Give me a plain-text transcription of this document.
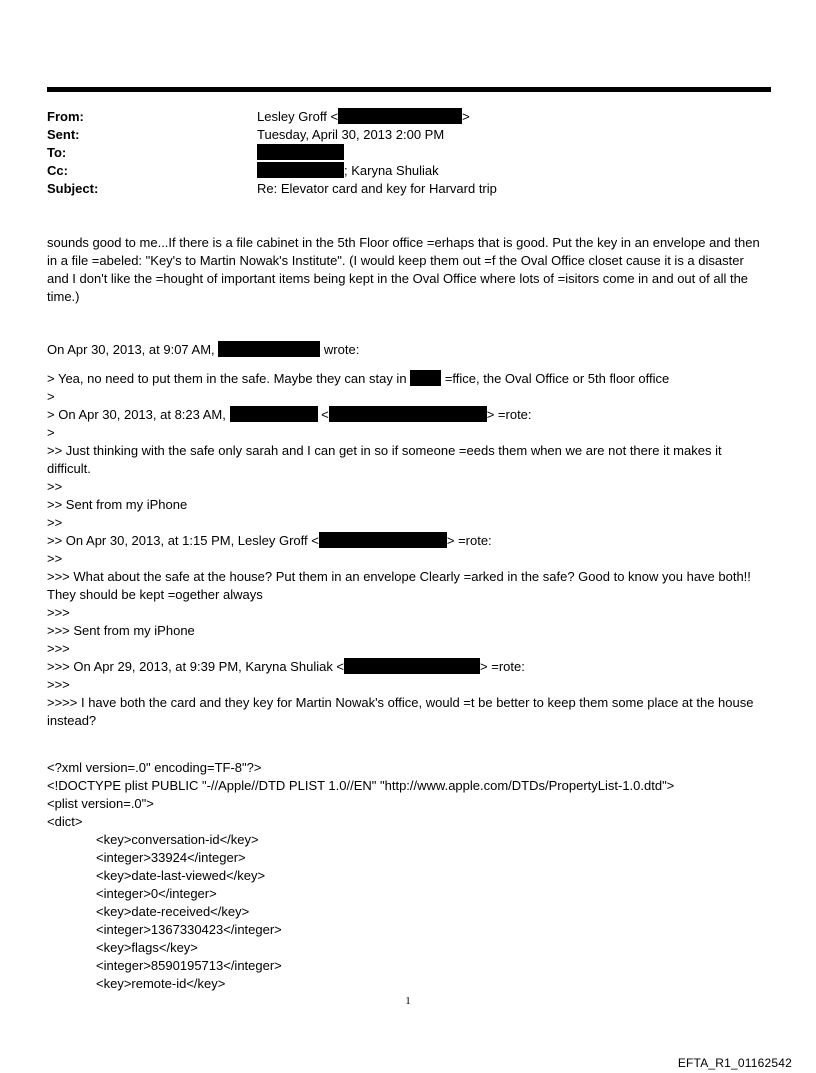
From:	Lesley Groff <	>
Sent:	Tuesday, April 30, 2013 2:00 PM
To:
Cc:	; Karyna Shuliak
Subject:	Re: Elevator card and key for Harvard trip
sounds good to me...If there is a file cabinet in the 5th Floor office =erhaps that is good. Put the key in an envelope and then in a file =abeled: "Key's to Martin Nowak's Institute". (I would keep them out =f the Oval Office closet cause it is a disaster and I don't like the =hought of important items being kept in the Oval Office where lots of =isitors come in and out of all the time.)
On Apr 30, 2013, at 9:07 AM,	wrote:
> Yea, no need to put them in the safe. Maybe they can stay in	=ffice, the Oval Office or 5th floor office
>
> On Apr 30, 2013, at 8:23 AM,	<	> =rote:
>
>> Just thinking with the safe only sarah and I can get in so if someone =eeds them when we are not there it makes it difficult.
>>
>> Sent from my iPhone
>>
>> On Apr 30, 2013, at 1:15 PM, Lesley Groff <	> =rote:
>>
>>> What about the safe at the house? Put them in an envelope Clearly =arked in the safe? Good to know you have both!! They should be kept =ogether always
>>>
>>> Sent from my iPhone
>>>
>>> On Apr 29, 2013, at 9:39 PM, Karyna Shuliak <	> =rote:
>>>
>>>> I have both the card and they key for Martin Nowak's office, would =t be better to keep them some place at the house instead?
<?xml version=.0" encoding=TF-8"?>
<!DOCTYPE plist PUBLIC "-//Apple//DTD PLIST 1.0//EN" "http://www.apple.com/DTDs/PropertyList-1.0.dtd">
<plist version=.0">
<dict>
<key>conversation-id</key>
<integer>33924</integer>
<key>date-last-viewed</key>
<integer>0</integer>
<key>date-received</key>
<integer>1367330423</integer>
<key>flags</key>
<integer>8590195713</integer>
<key>remote-id</key>
1
EFTA_R1_01162542
